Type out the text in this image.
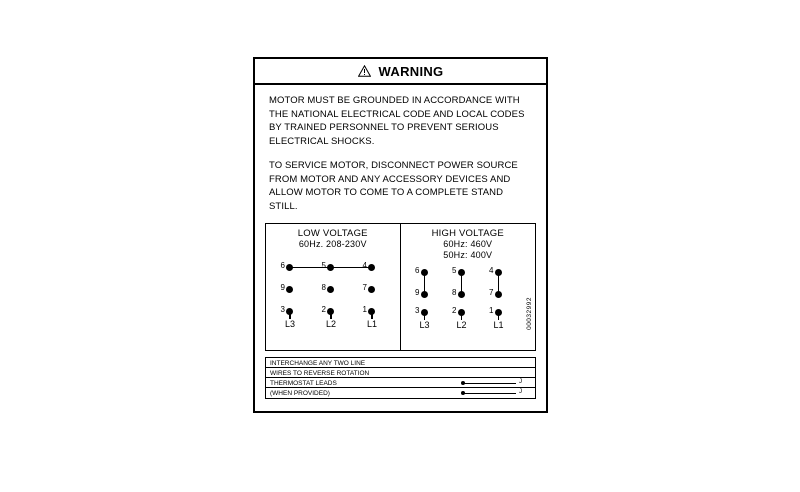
WARNING

MOTOR MUST BE GROUNDED IN ACCORDANCE WITH THE NATIONAL ELECTRICAL CODE AND LOCAL CODES BY TRAINED PERSONNEL TO PREVENT SERIOUS ELECTRICAL SHOCKS.

TO SERVICE MOTOR, DISCONNECT POWER SOURCE FROM MOTOR AND ANY ACCESSORY DEVICES AND ALLOW MOTOR TO COME TO A COMPLETE STAND STILL.

LOW VOLTAGE
60Hz. 208-230V
6	5	4
9	8	7
3	2	1
L3	L2	L1
HIGH VOLTAGE
60Hz: 460V
50Hz: 400V
6	5	4
9	8	7
3	2	1
L3	L2	L1	00032992
INTERCHANGE ANY TWO LINE
WIRES TO REVERSE ROTATION
THERMOSTAT LEADS	J
(WHEN PROVIDED)	J
